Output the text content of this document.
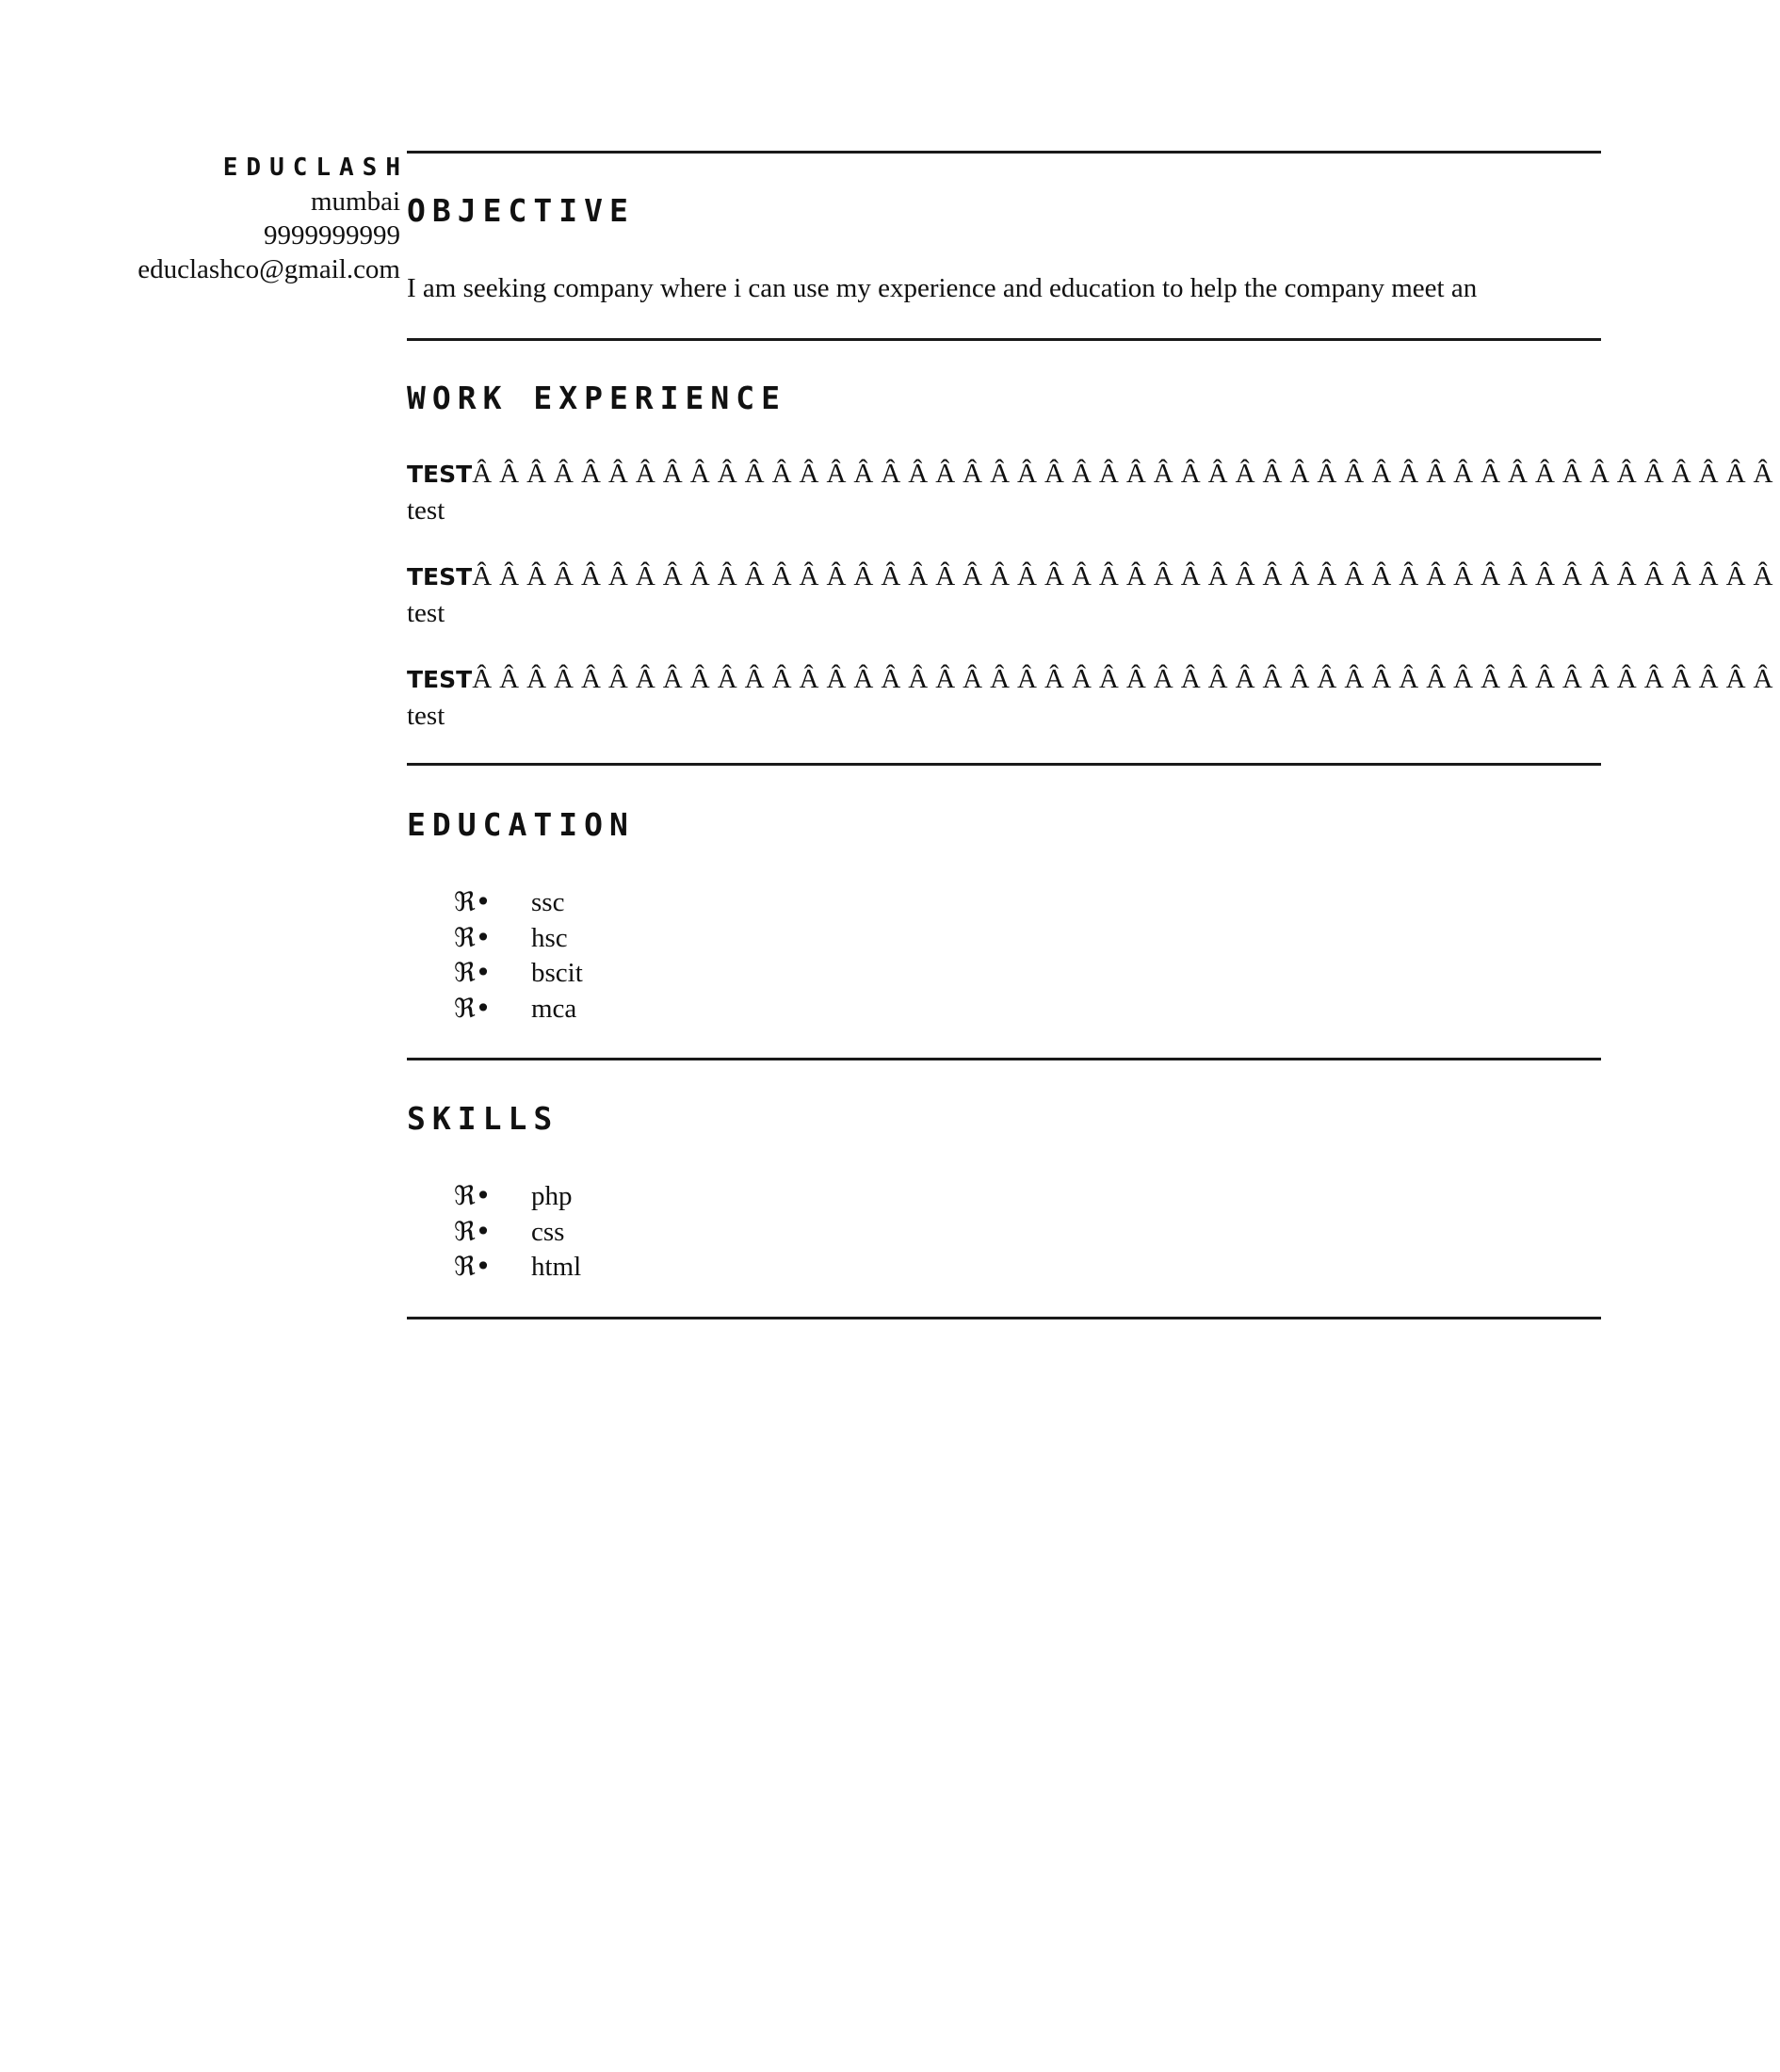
EDUCLASH
mumbai
9999999999
educlashco@gmail.com
OBJECTIVE
I am seeking company where i can use my experience and education to help the company meet an
WORK EXPERIENCE
TESTÂÂÂÂÂÂÂÂÂÂÂÂÂÂÂÂÂÂÂÂÂÂÂÂÂÂÂÂÂÂÂÂÂÂÂÂÂÂÂÂÂÂÂÂÂÂÂÂ
test
TESTÂÂÂÂÂÂÂÂÂÂÂÂÂÂÂÂÂÂÂÂÂÂÂÂÂÂÂÂÂÂÂÂÂÂÂÂÂÂÂÂÂÂÂÂÂÂÂÂ
test
TESTÂÂÂÂÂÂÂÂÂÂÂÂÂÂÂÂÂÂÂÂÂÂÂÂÂÂÂÂÂÂÂÂÂÂÂÂÂÂÂÂÂÂÂÂÂÂÂÂ
test
EDUCATION
ℜ• ssc
ℜ• hsc
ℜ• bscit
ℜ• mca
SKILLS
ℜ• php
ℜ• css
ℜ• html
